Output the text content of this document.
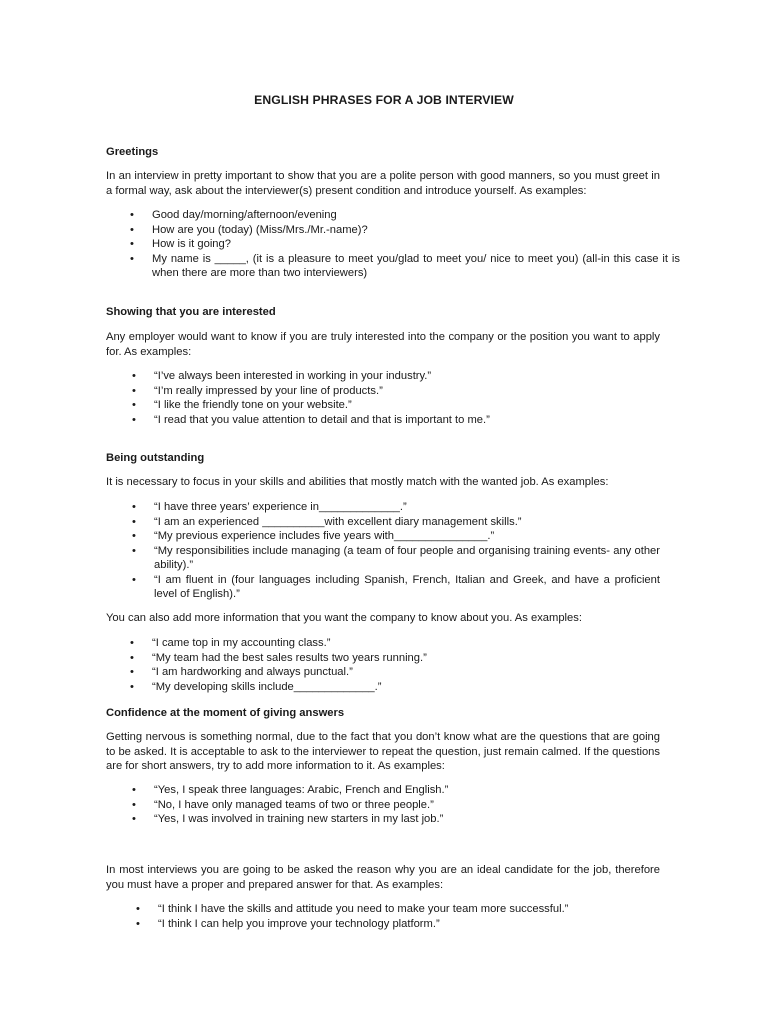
ENGLISH PHRASES FOR A JOB INTERVIEW
Greetings
In an interview in pretty important to show that you are a polite person with good manners, so you must greet in a formal way, ask about the interviewer(s) present condition and introduce yourself. As examples:
• Good day/morning/afternoon/evening
• How are you (today) (Miss/Mrs./Mr.-name)?
• How is it going?
• My name is _____, (it is a pleasure to meet you/glad to meet you/ nice to meet you) (all-in this case it is when there are more than two interviewers)
Showing that you are interested
Any employer would want to know if you are truly interested into the company or the position you want to apply for. As examples:
• “I’ve always been interested in working in your industry.”
• “I’m really impressed by your line of products.”
• “I like the friendly tone on your website.”
• “I read that you value attention to detail and that is important to me.”
Being outstanding
It is necessary to focus in your skills and abilities that mostly match with the wanted job. As examples:
• “I have three years’ experience in_____________.”
• “I am an experienced __________with excellent diary management skills.”
• “My previous experience includes five years with_______________.”
• “My responsibilities include managing (a team of four people and organising training events- any other ability).”
• “I am fluent in (four languages including Spanish, French, Italian and Greek, and have a proficient level of English).”
You can also add more information that you want the company to know about you. As examples:
• “I came top in my accounting class.”
• “My team had the best sales results two years running.”
• “I am hardworking and always punctual.”
• “My developing skills include_____________.”
Confidence at the moment of giving answers
Getting nervous is something normal, due to the fact that you don’t know what are the questions that are going to be asked. It is acceptable to ask to the interviewer to repeat the question, just remain calmed. If the questions are for short answers, try to add more information to it. As examples:
• “Yes, I speak three languages: Arabic, French and English.”
• “No, I have only managed teams of two or three people.”
• “Yes, I was involved in training new starters in my last job.”
In most interviews you are going to be asked the reason why you are an ideal candidate for the job, therefore you must have a proper and prepared answer for that. As examples:
• “I think I have the skills and attitude you need to make your team more successful.”
• “I think I can help you improve your technology platform.”
